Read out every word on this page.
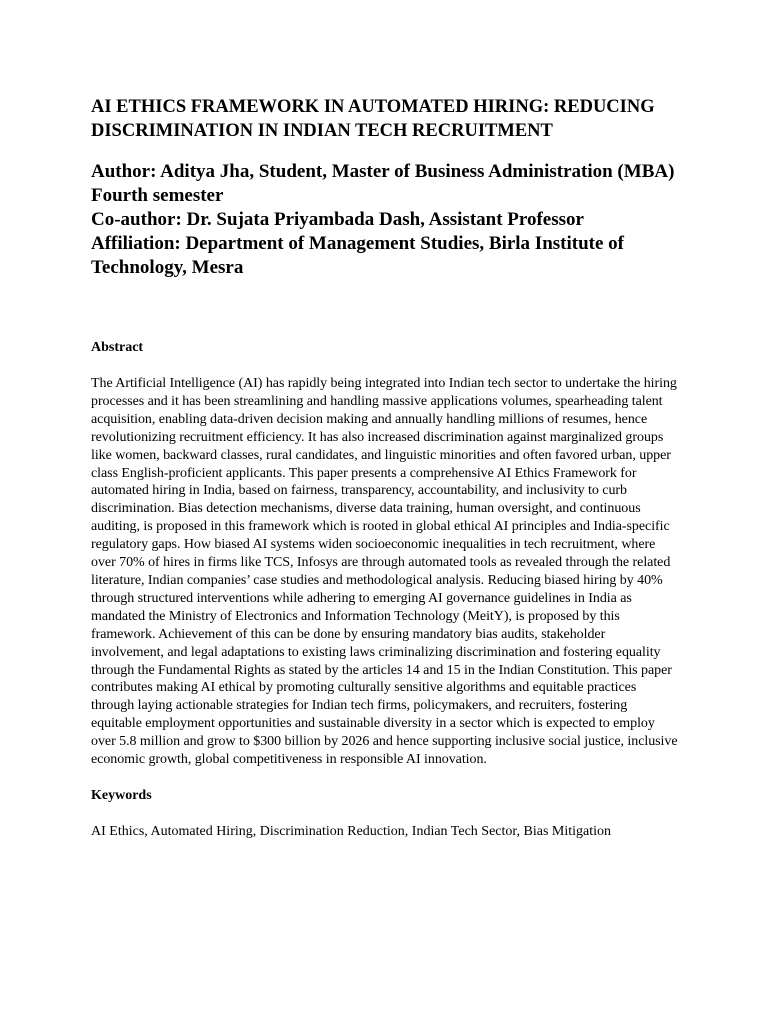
AI ETHICS FRAMEWORK IN AUTOMATED HIRING: REDUCING DISCRIMINATION IN INDIAN TECH RECRUITMENT
Author: Aditya Jha, Student, Master of Business Administration (MBA) Fourth semester
Co-author: Dr. Sujata Priyambada Dash, Assistant Professor
Affiliation: Department of Management Studies, Birla Institute of Technology, Mesra
Abstract
The Artificial Intelligence (AI) has rapidly being integrated into Indian tech sector to undertake the hiring processes and it has been streamlining and handling massive applications volumes, spearheading talent acquisition, enabling data-driven decision making and annually handling millions of resumes, hence revolutionizing recruitment efficiency. It has also increased discrimination against marginalized groups like women, backward classes, rural candidates, and linguistic minorities and often favored urban, upper class English-proficient applicants. This paper presents a comprehensive AI Ethics Framework for automated hiring in India, based on fairness, transparency, accountability, and inclusivity to curb discrimination. Bias detection mechanisms, diverse data training, human oversight, and continuous auditing, is proposed in this framework which is rooted in global ethical AI principles and India-specific regulatory gaps. How biased AI systems widen socioeconomic inequalities in tech recruitment, where over 70% of hires in firms like TCS, Infosys are through automated tools as revealed through the related literature, Indian companies’ case studies and methodological analysis. Reducing biased hiring by 40% through structured interventions while adhering to emerging AI governance guidelines in India as mandated the Ministry of Electronics and Information Technology (MeitY), is proposed by this framework. Achievement of this can be done by ensuring mandatory bias audits, stakeholder involvement, and legal adaptations to existing laws criminalizing discrimination and fostering equality through the Fundamental Rights as stated by the articles 14 and 15 in the Indian Constitution. This paper contributes making AI ethical by promoting culturally sensitive algorithms and equitable practices through laying actionable strategies for Indian tech firms, policymakers, and recruiters, fostering equitable employment opportunities and sustainable diversity in a sector which is expected to employ over 5.8 million and grow to $300 billion by 2026 and hence supporting inclusive social justice, inclusive economic growth, global competitiveness in responsible AI innovation.
Keywords
AI Ethics, Automated Hiring, Discrimination Reduction, Indian Tech Sector, Bias Mitigation
